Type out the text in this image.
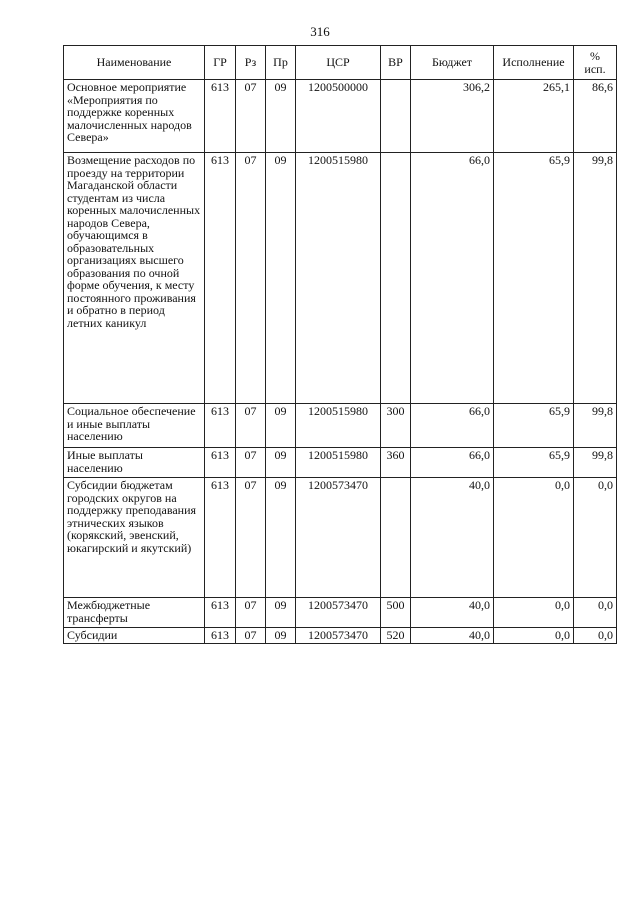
316
Наименование	ГР	Рз	Пр	ЦСР	ВР	Бюджет	Исполнение	%
исп.

Основное мероприятие «Мероприятия по поддержке коренных малочисленных народов Севера»	613	07	09	1200500000		306,2	265,1	86,6
Возмещение расходов по проезду на территории Магаданской области студентам из числа коренных малочисленных народов Севера, обучающимся в образовательных организациях высшего образования по очной форме обучения, к месту постоянного проживания и обратно в период летних каникул	613	07	09	1200515980		66,0	65,9	99,8
Социальное обеспечение и иные выплаты населению	613	07	09	1200515980	300	66,0	65,9	99,8
Иные выплаты населению	613	07	09	1200515980	360	66,0	65,9	99,8
Субсидии бюджетам городских округов на поддержку преподавания этнических языков (корякский, эвенский, юкагирский и якутский)	613	07	09	1200573470		40,0	0,0	0,0
Межбюджетные трансферты	613	07	09	1200573470	500	40,0	0,0	0,0
Субсидии	613	07	09	1200573470	520	40,0	0,0	0,0
